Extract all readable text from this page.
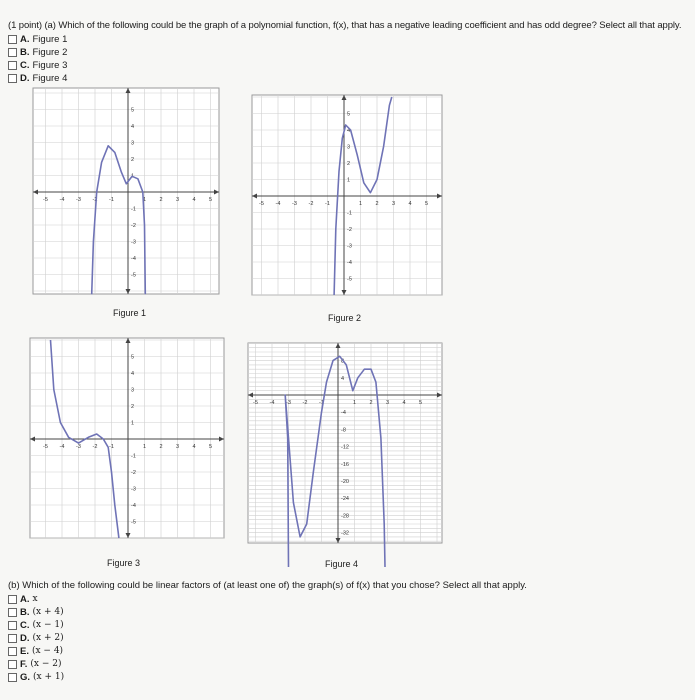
(1 point) (a) Which of the following could be the graph of a polynomial function, f(x), that has a negative leading coefficient and has odd degree? Select all that apply.
A. Figure 1
B. Figure 2
C. Figure 3
D. Figure 4
-5 -4 -3 -2 -1	1 2 3 4 5
5
4
3
2
1
-1
-2
-3
-4
-5
Figure 1
-5 -4 -3 -2 -1	1 2 3 4 5
5
4
3
2
1
-1
-2
-3
-4
-5
Figure 2
-5 -4 -3 -2 -1	1 2 3 4 5
5
4
3
2
1
-1
-2
-3
-4
-5
Figure 3
-5 -4 -3 -2 -1	1 2 3 4 5
8
4
-4
-8
-12
-16
-20
-24
-28
-32
Figure 4
(b) Which of the following could be linear factors of (at least one of) the graph(s) of f(x) that you chose? Select all that apply.
A. x
B. (x + 4)
C. (x − 1)
D. (x + 2)
E. (x − 4)
F. (x − 2)
G. (x + 1)
